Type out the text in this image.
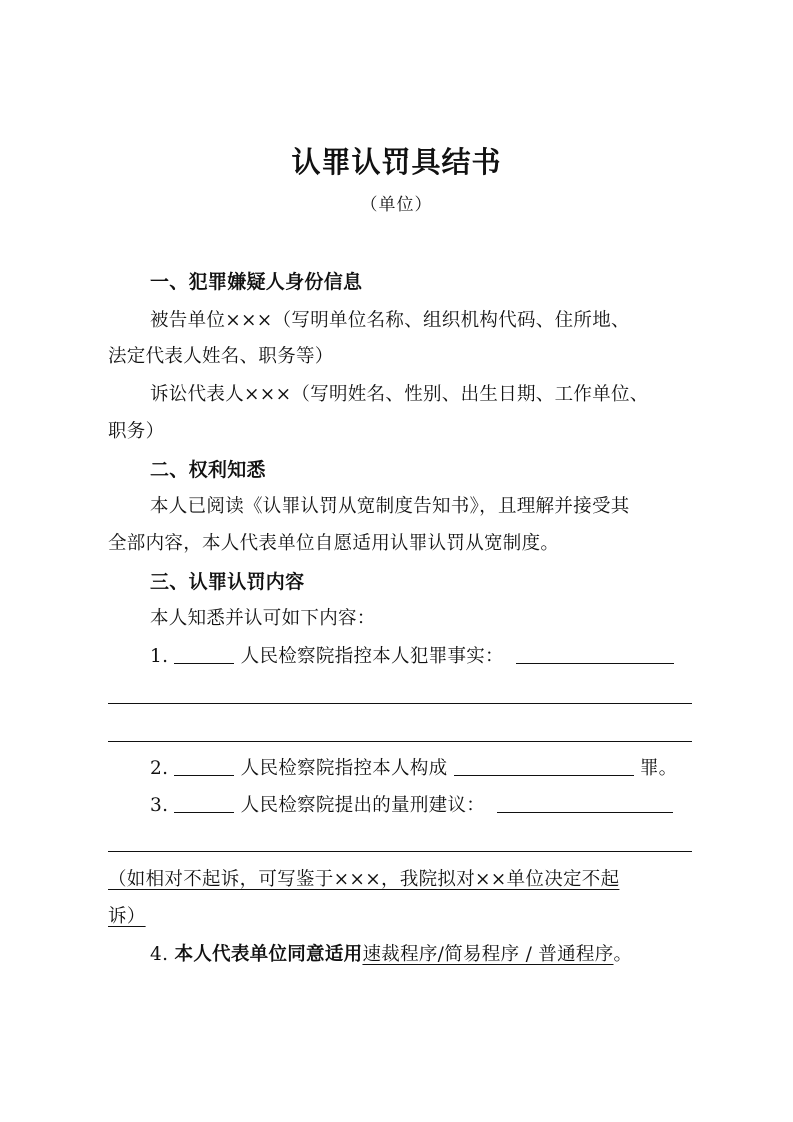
认罪认罚具结书
（单位）
一、犯罪嫌疑人身份信息
被告单位×××（写明单位名称、组织机构代码、住所地、
法定代表人姓名、职务等）
诉讼代表人×××（写明姓名、性别、出生日期、工作单位、
职务）
二、权利知悉
本人已阅读《认罪认罚从宽制度告知书》，且理解并接受其
全部内容，本人代表单位自愿适用认罪认罚从宽制度。
三、认罪认罚内容
本人知悉并认可如下内容：
1.	人民检察院指控本人犯罪事实：
2.	人民检察院指控本人构成	罪。
3.	人民检察院提出的量刑建议：
（如相对不起诉，可写鉴于×××，我院拟对××单位决定不起
诉）
4. 本人代表单位同意适用速裁程序/简易程序 / 普通程序。
